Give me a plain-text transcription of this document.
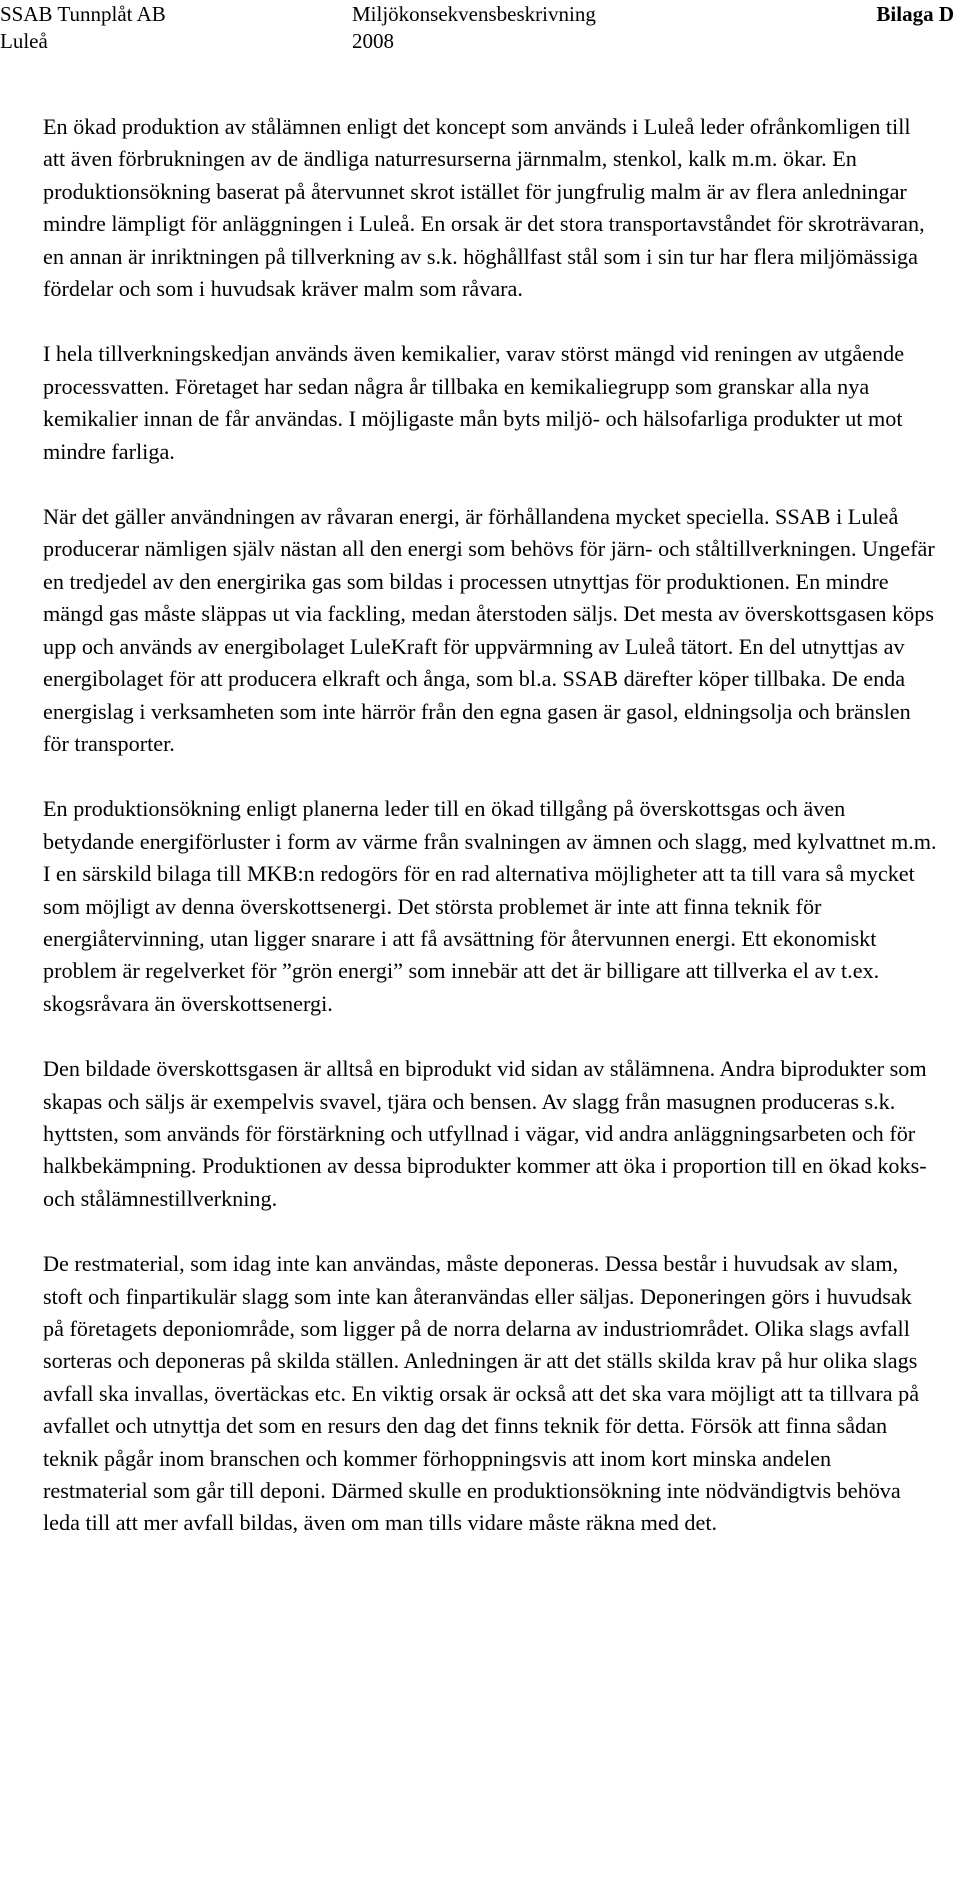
SSAB Tunnplåt AB
Luleå
Miljökonsekvensbeskrivning
2008
Bilaga D

En ökad produktion av stålämnen enligt det koncept som används i Luleå leder ofrånkomligen till att även förbrukningen av de ändliga naturresurserna järnmalm, stenkol, kalk m.m. ökar. En produktionsökning baserat på återvunnet skrot istället för jungfrulig malm är av flera anledningar mindre lämpligt för anläggningen i Luleå. En orsak är det stora transportavståndet för skroträvaran, en annan är inriktningen på tillverkning av s.k. höghållfast stål som i sin tur har flera miljömässiga fördelar och som i huvudsak kräver malm som råvara.

I hela tillverkningskedjan används även kemikalier, varav störst mängd vid reningen av utgående processvatten. Företaget har sedan några år tillbaka en kemikaliegrupp som granskar alla nya kemikalier innan de får användas. I möjligaste mån byts miljö- och hälsofarliga produkter ut mot mindre farliga.

När det gäller användningen av råvaran energi, är förhållandena mycket speciella. SSAB i Luleå producerar nämligen själv nästan all den energi som behövs för järn- och ståltillverkningen. Ungefär en tredjedel av den energirika gas som bildas i processen utnyttjas för produktionen. En mindre mängd gas måste släppas ut via fackling, medan återstoden säljs. Det mesta av överskottsgasen köps upp och används av energibolaget LuleKraft för uppvärmning av Luleå tätort. En del utnyttjas av energibolaget för att producera elkraft och ånga, som bl.a. SSAB därefter köper tillbaka. De enda energislag i verksamheten som inte härrör från den egna gasen är gasol, eldningsolja och bränslen för transporter.

En produktionsökning enligt planerna leder till en ökad tillgång på överskottsgas och även betydande energiförluster i form av värme från svalningen av ämnen och slagg, med kylvattnet m.m. I en särskild bilaga till MKB:n redogörs för en rad alternativa möjligheter att ta till vara så mycket som möjligt av denna överskottsenergi. Det största problemet är inte att finna teknik för energiåtervinning, utan ligger snarare i att få avsättning för återvunnen energi. Ett ekonomiskt problem är regelverket för ”grön energi” som innebär att det är billigare att tillverka el av t.ex. skogsråvara än överskottsenergi.

Den bildade överskottsgasen är alltså en biprodukt vid sidan av stålämnena. Andra biprodukter som skapas och säljs är exempelvis svavel, tjära och bensen. Av slagg från masugnen produceras s.k. hyttsten, som används för förstärkning och utfyllnad i vägar, vid andra anläggningsarbeten och för halkbekämpning. Produktionen av dessa biprodukter kommer att öka i proportion till en ökad koks- och stålämnestillverkning.

De restmaterial, som idag inte kan användas, måste deponeras. Dessa består i huvudsak av slam, stoft och finpartikulär slagg som inte kan återanvändas eller säljas. Deponeringen görs i huvudsak på företagets deponiområde, som ligger på de norra delarna av industriområdet. Olika slags avfall sorteras och deponeras på skilda ställen. Anledningen är att det ställs skilda krav på hur olika slags avfall ska invallas, övertäckas etc. En viktig orsak är också att det ska vara möjligt att ta tillvara på avfallet och utnyttja det som en resurs den dag det finns teknik för detta. Försök att finna sådan teknik pågår inom branschen och kommer förhoppningsvis att inom kort minska andelen restmaterial som går till deponi. Därmed skulle en produktionsökning inte nödvändigtvis behöva leda till att mer avfall bildas, även om man tills vidare måste räkna med det.
